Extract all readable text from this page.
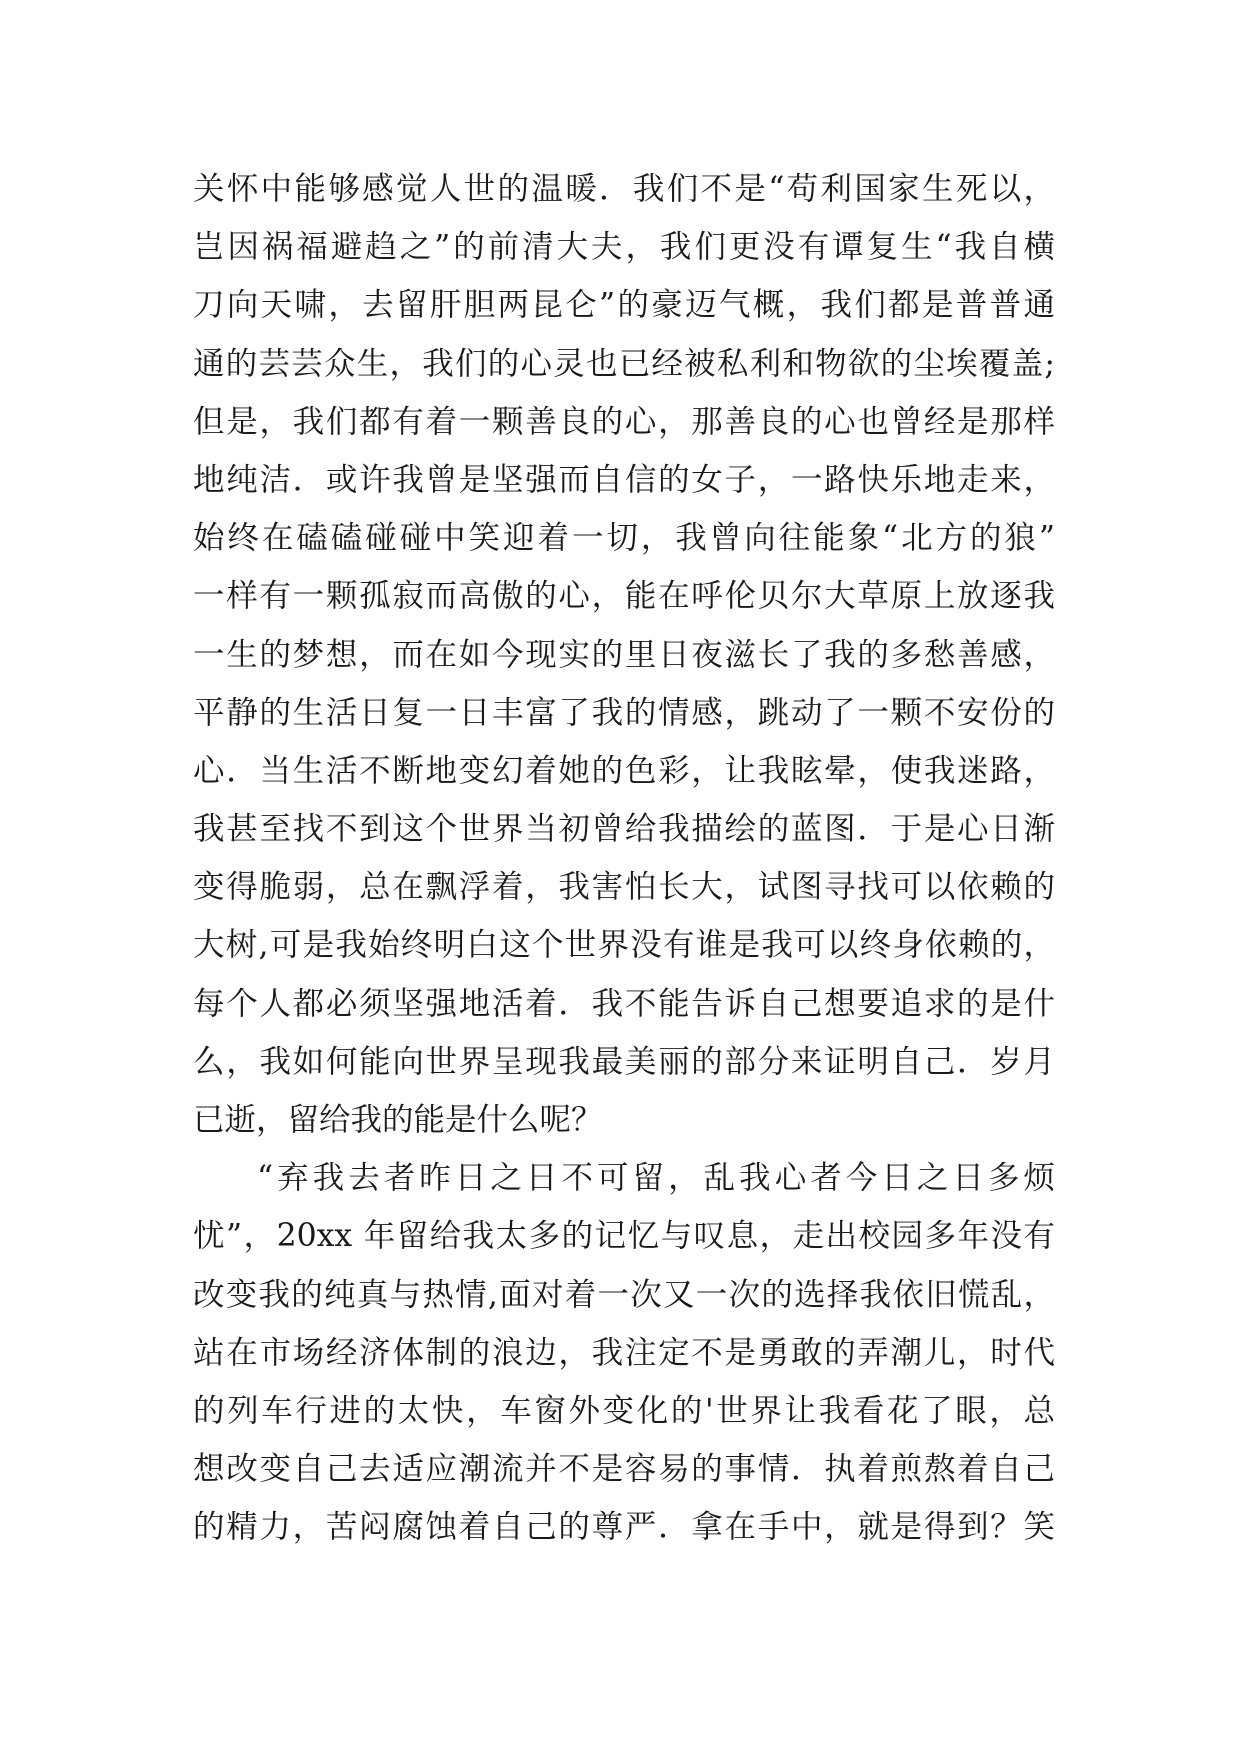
关怀中能够感觉人世的温暖．我们不是“苟利国家生死以，
岂因祸福避趋之”的前清大夫，我们更没有谭复生“我自横
刀向天啸，去留肝胆两昆仑”的豪迈气概，我们都是普普通
通的芸芸众生，我们的心灵也已经被私利和物欲的尘埃覆盖;
但是，我们都有着一颗善良的心，那善良的心也曾经是那样
地纯洁．或许我曾是坚强而自信的女子，一路快乐地走来，
始终在磕磕碰碰中笑迎着一切，我曾向往能象“北方的狼”
一样有一颗孤寂而高傲的心，能在呼伦贝尔大草原上放逐我
一生的梦想，而在如今现实的里日夜滋长了我的多愁善感，
平静的生活日复一日丰富了我的情感，跳动了一颗不安份的
心．当生活不断地变幻着她的色彩，让我眩晕，使我迷路，
我甚至找不到这个世界当初曾给我描绘的蓝图．于是心日渐
变得脆弱，总在飘浮着，我害怕长大，试图寻找可以依赖的
大树,可是我始终明白这个世界没有谁是我可以终身依赖的，
每个人都必须坚强地活着．我不能告诉自己想要追求的是什
么，我如何能向世界呈现我最美丽的部分来证明自己．岁月
已逝，留给我的能是什么呢？
“弃我去者昨日之日不可留，乱我心者今日之日多烦
忧”，20xx 年留给我太多的记忆与叹息，走出校园多年没有
改变我的纯真与热情,面对着一次又一次的选择我依旧慌乱，
站在市场经济体制的浪边，我注定不是勇敢的弄潮儿，时代
的列车行进的太快，车窗外变化的'世界让我看花了眼，总
想改变自己去适应潮流并不是容易的事情．执着煎熬着自己
的精力，苦闷腐蚀着自己的尊严．拿在手中，就是得到？笑
